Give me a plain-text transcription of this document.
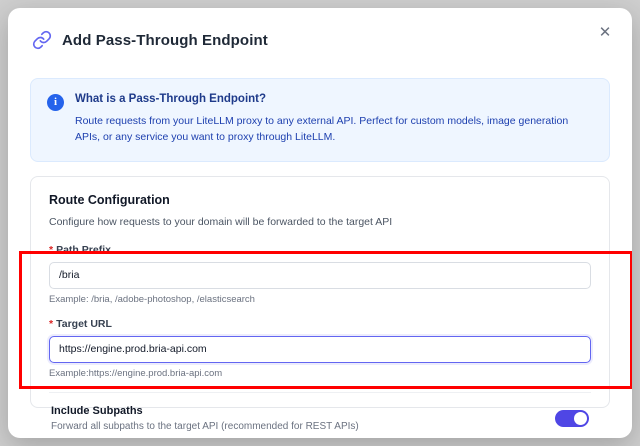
Add Pass-Through Endpoint	✕
i	What is a Pass-Through Endpoint?
Route requests from your LiteLLM proxy to any external API. Perfect for custom models, image generation APIs, or any service you want to proxy through LiteLLM.
Route Configuration
Configure how requests to your domain will be forwarded to the target API
* Path Prefix
/bria
Example: /bria, /adobe-photoshop, /elasticsearch
* Target URL
https://engine.prod.bria-api.com
Example:https://engine.prod.bria-api.com
Include Subpaths
Forward all subpaths to the target API (recommended for REST APIs)
